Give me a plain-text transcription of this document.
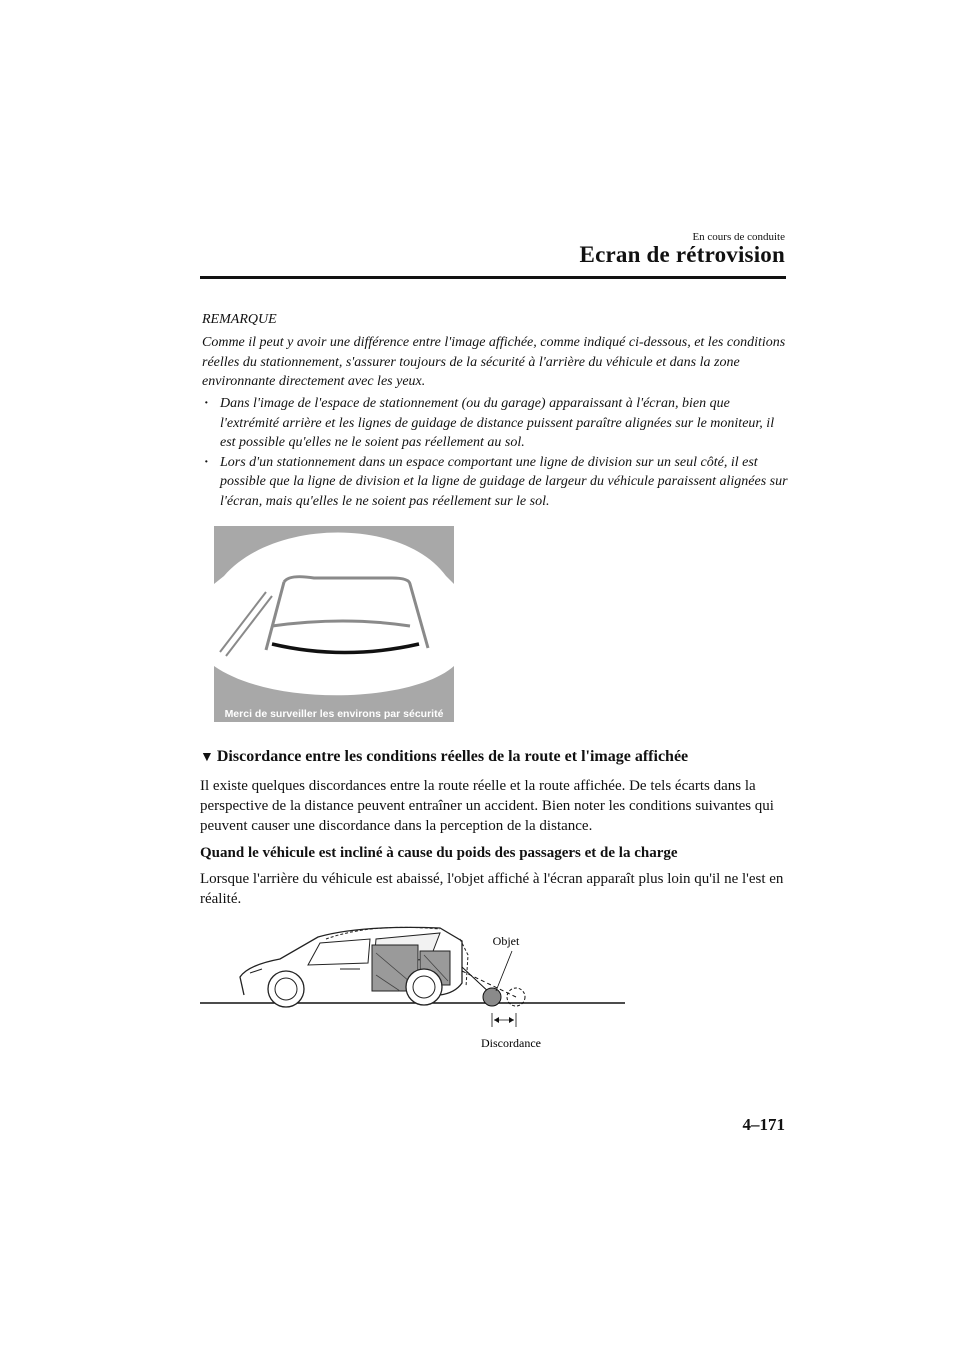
En cours de conduite
Ecran de rétrovision
REMARQUE
Comme il peut y avoir une différence entre l'image affichée, comme indiqué ci-dessous, et les conditions réelles du stationnement, s'assurer toujours de la sécurité à l'arrière du véhicule et dans la zone environnante directement avec les yeux.
· Dans l'image de l'espace de stationnement (ou du garage) apparaissant à l'écran, bien que l'extrémité arrière et les lignes de guidage de distance puissent paraître alignées sur le moniteur, il est possible qu'elles ne le soient pas réellement au sol.
· Lors d'un stationnement dans un espace comportant une ligne de division sur un seul côté, il est possible que la ligne de division et la ligne de guidage de largeur du véhicule paraissent alignées sur l'écran, mais qu'elles le ne soient pas réellement sur le sol.
Merci de surveiller les environs par sécurité
▼ Discordance entre les conditions réelles de la route et l'image affichée
Il existe quelques discordances entre la route réelle et la route affichée. De tels écarts dans la perspective de la distance peuvent entraîner un accident. Bien noter les conditions suivantes qui peuvent causer une discordance dans la perception de la distance.
Quand le véhicule est incliné à cause du poids des passagers et de la charge
Lorsque l'arrière du véhicule est abaissé, l'objet affiché à l'écran apparaît plus loin qu'il ne l'est en réalité.
Objet
Discordance
4–171
